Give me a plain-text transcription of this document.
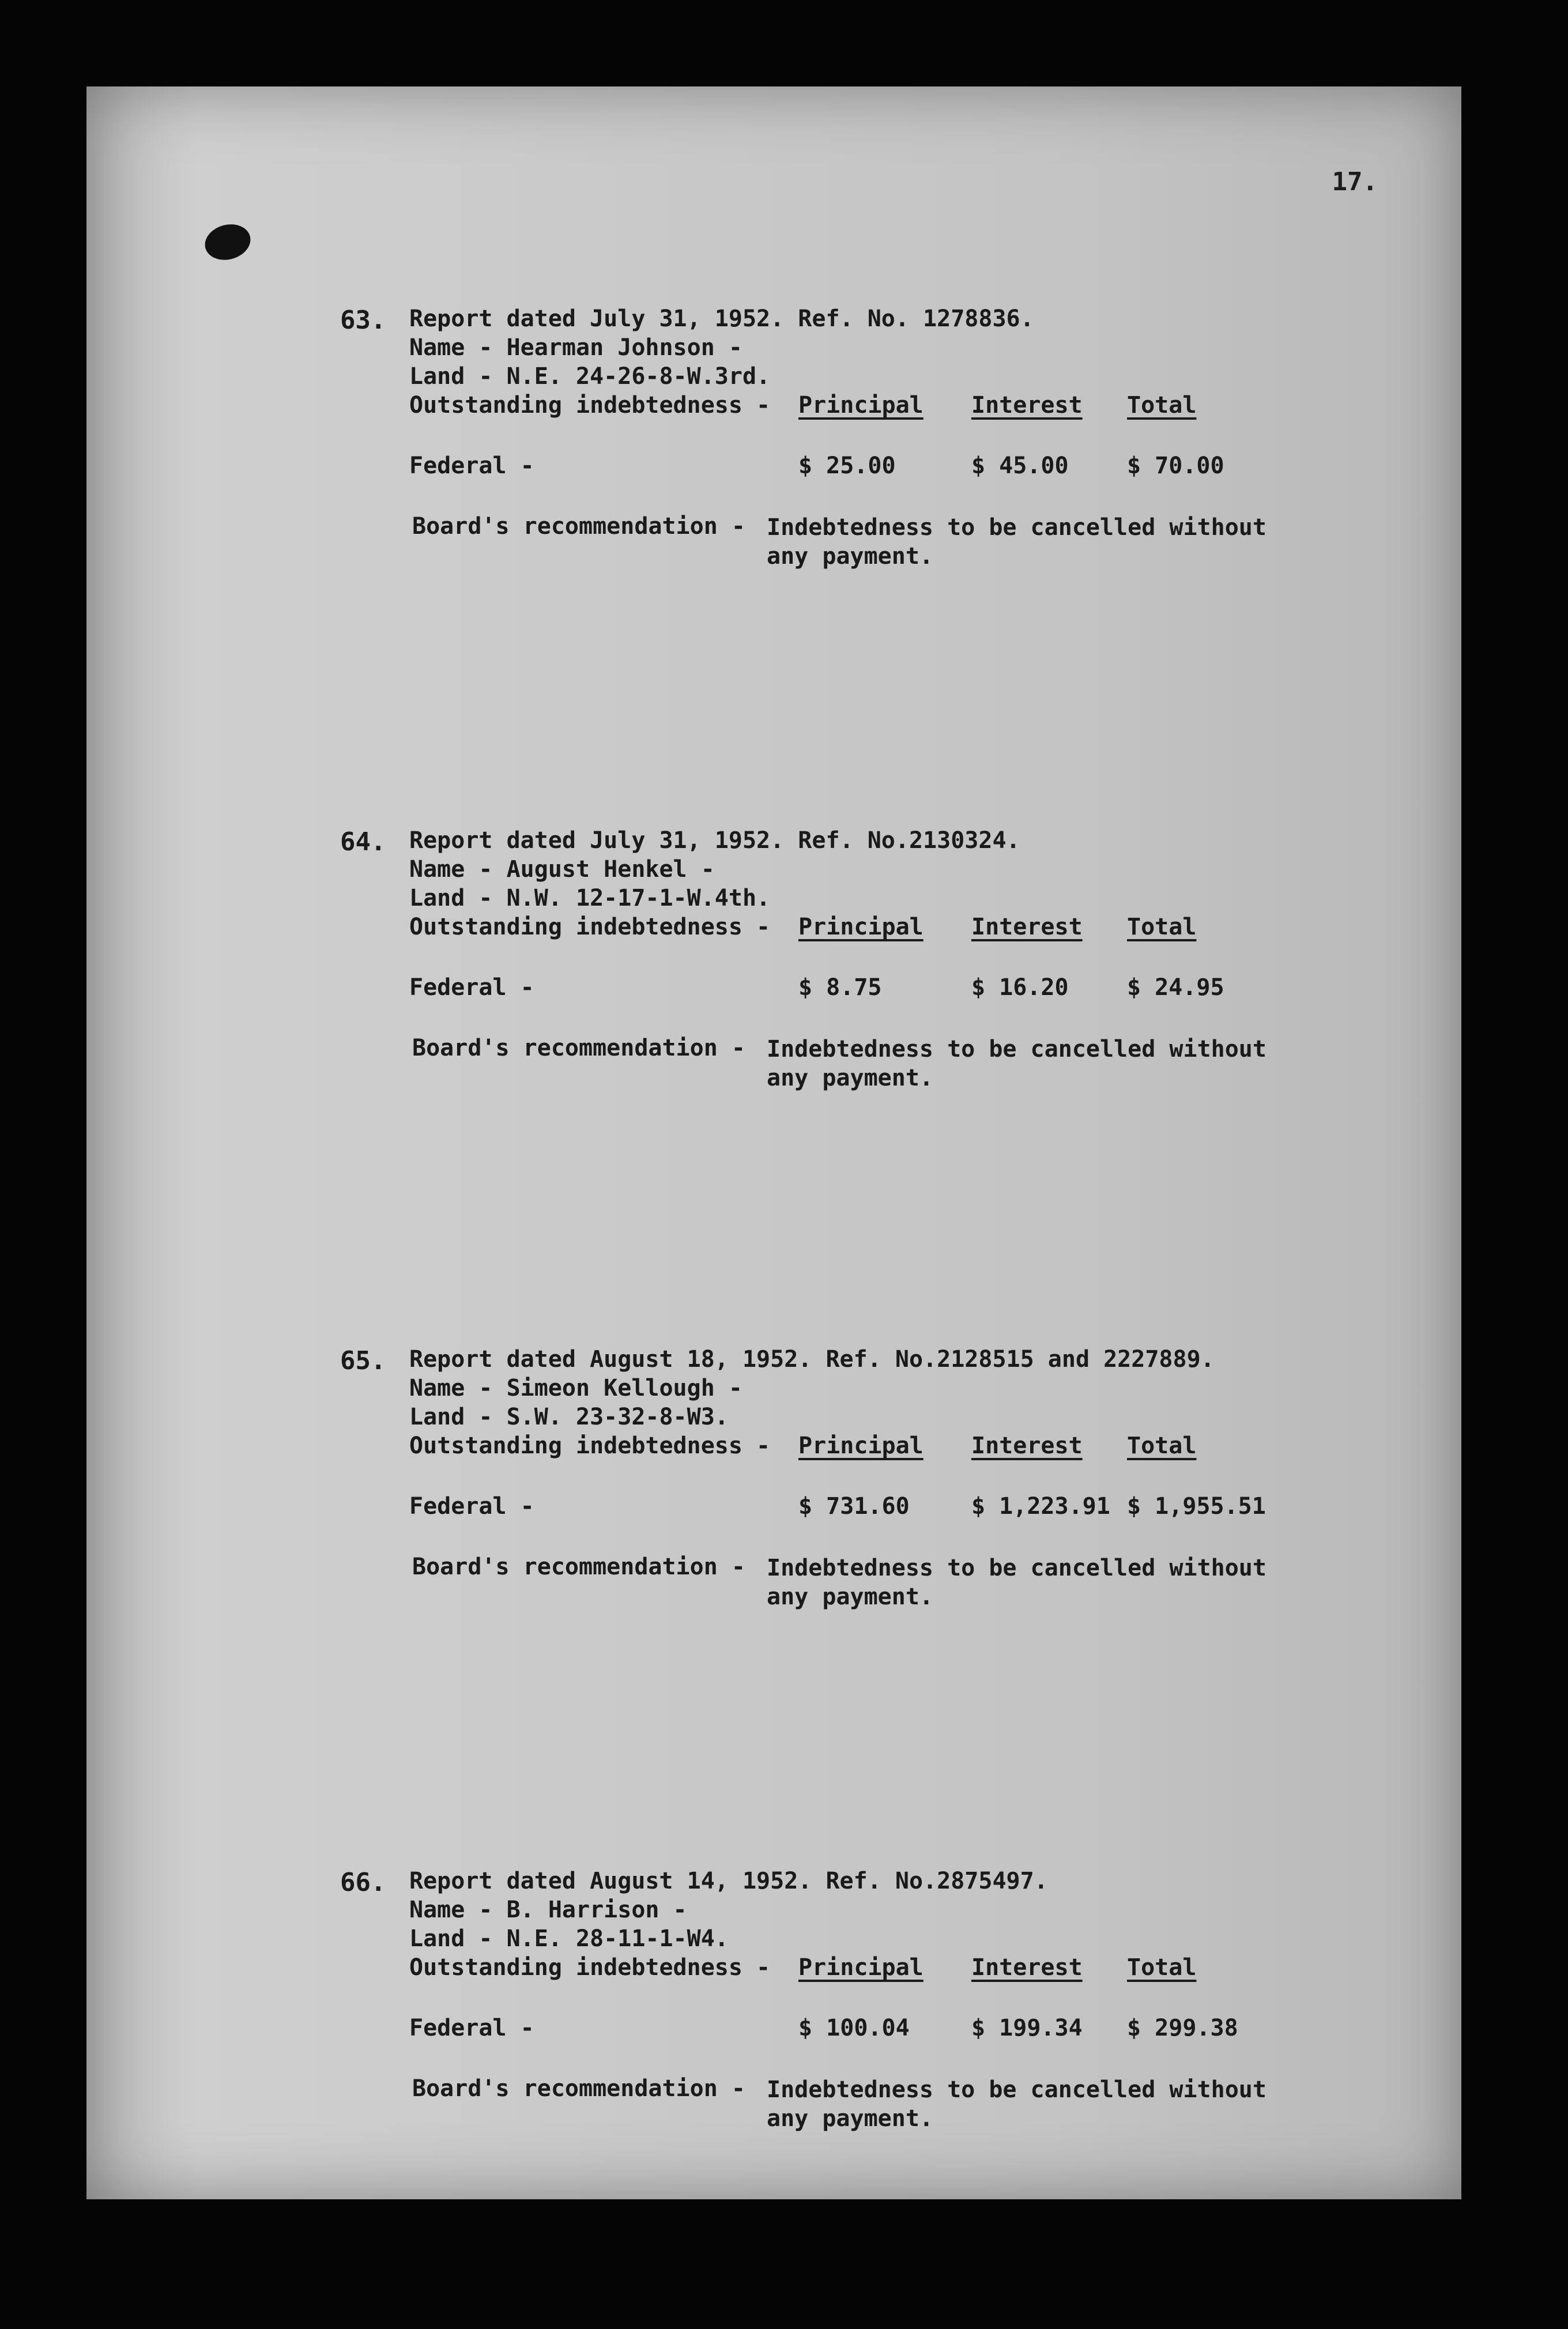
17.
63. Report dated July 31, 1952. Ref. No. 1278836.
Name - Hearman Johnson -
Land - N.E. 24-26-8-W.3rd.
Outstanding indebtedness - Principal Interest Total
Federal -	$ 25.00	$ 45.00	$ 70.00
Board's recommendation - Indebtedness to be cancelled without any payment.
64. Report dated July 31, 1952. Ref. No.2130324.
Name - August Henkel -
Land - N.W. 12-17-1-W.4th.
Outstanding indebtedness - Principal Interest Total
Federal -	$ 8.75	$ 16.20	$ 24.95
Board's recommendation - Indebtedness to be cancelled without any payment.
65. Report dated August 18, 1952. Ref. No.2128515 and 2227889.
Name - Simeon Kellough -
Land - S.W. 23-32-8-W3.
Outstanding indebtedness - Principal Interest Total
Federal -	$ 731.60	$ 1,223.91 $ 1,955.51
Board's recommendation - Indebtedness to be cancelled without any payment.
66. Report dated August 14, 1952. Ref. No.2875497.
Name - B. Harrison -
Land - N.E. 28-11-1-W4.
Outstanding indebtedness - Principal Interest Total
Federal -	$ 100.04	$ 199.34 $ 299.38
Board's recommendation - Indebtedness to be cancelled without any payment.
